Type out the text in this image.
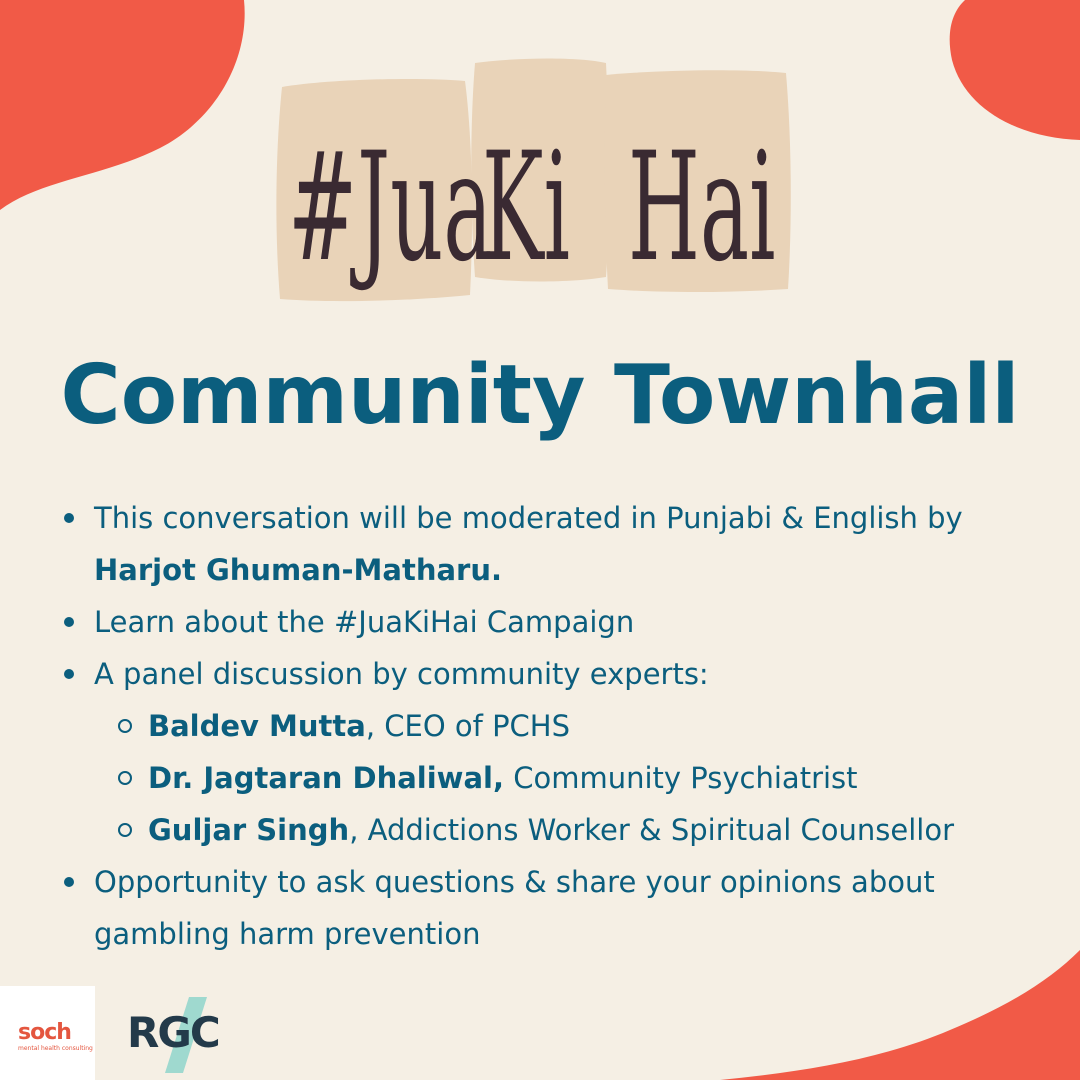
#Jua
Ki Hai
Community Townhall
This conversation will be moderated in Punjabi & English by
Harjot Ghuman-Matharu.
Learn about the #JuaKiHai Campaign
A panel discussion by community experts:
Baldev Mutta, CEO of PCHS
Dr. Jagtaran Dhaliwal, Community Psychiatrist
Guljar Singh, Addictions Worker & Spiritual Counsellor
Opportunity to ask questions & share your opinions about
gambling harm prevention
soch
mental health consulting RGC
